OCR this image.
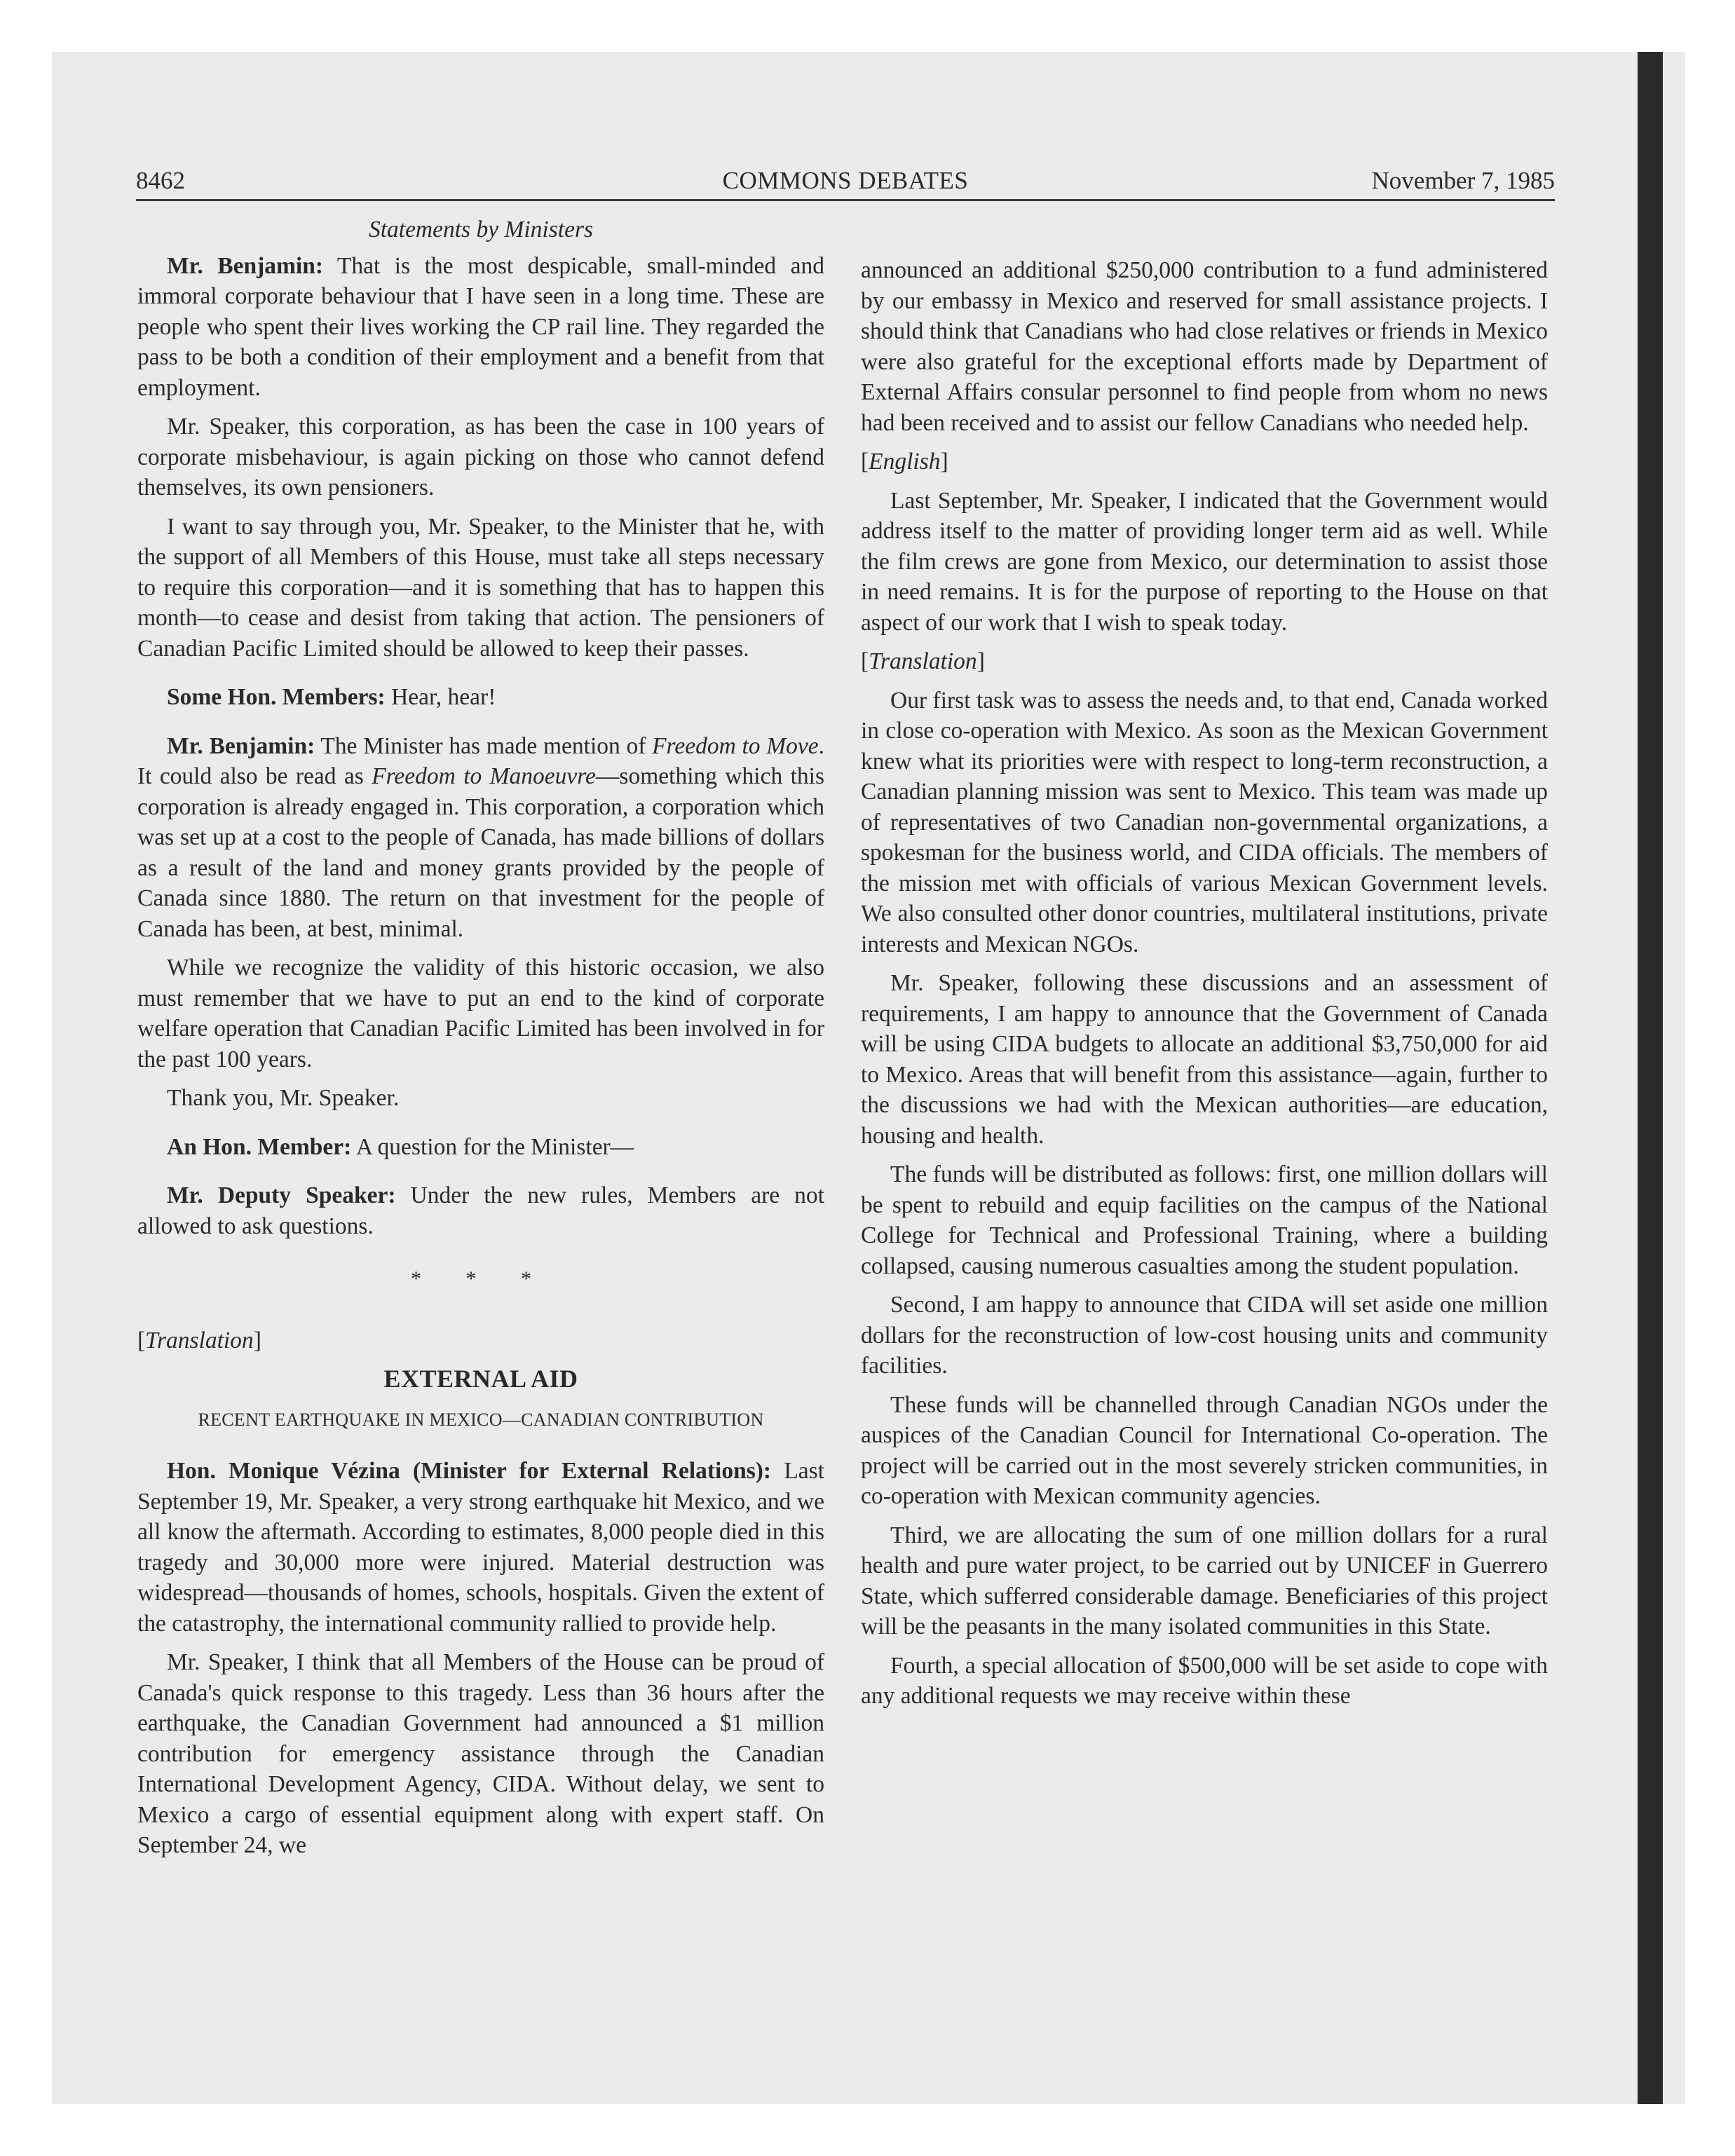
8462	COMMONS DEBATES	November 7, 1985

Statements by Ministers

Mr. Benjamin: That is the most despicable, small-minded and immoral corporate behaviour that I have seen in a long time. These are people who spent their lives working the CP rail line. They regarded the pass to be both a condition of their employment and a benefit from that employment.

Mr. Speaker, this corporation, as has been the case in 100 years of corporate misbehaviour, is again picking on those who cannot defend themselves, its own pensioners.

I want to say through you, Mr. Speaker, to the Minister that he, with the support of all Members of this House, must take all steps necessary to require this corporation—and it is something that has to happen this month—to cease and desist from taking that action. The pensioners of Canadian Pacific Limited should be allowed to keep their passes.

Some Hon. Members: Hear, hear!

Mr. Benjamin: The Minister has made mention of Freedom to Move. It could also be read as Freedom to Manoeuvre—something which this corporation is already engaged in. This corporation, a corporation which was set up at a cost to the people of Canada, has made billions of dollars as a result of the land and money grants provided by the people of Canada since 1880. The return on that investment for the people of Canada has been, at best, minimal.

While we recognize the validity of this historic occasion, we also must remember that we have to put an end to the kind of corporate welfare operation that Canadian Pacific Limited has been involved in for the past 100 years.

Thank you, Mr. Speaker.

An Hon. Member: A question for the Minister—

Mr. Deputy Speaker: Under the new rules, Members are not allowed to ask questions.

* * *

[Translation]

EXTERNAL AID
RECENT EARTHQUAKE IN MEXICO—CANADIAN CONTRIBUTION

Hon. Monique Vézina (Minister for External Relations): Last September 19, Mr. Speaker, a very strong earthquake hit Mexico, and we all know the aftermath. According to estimates, 8,000 people died in this tragedy and 30,000 more were injured. Material destruction was widespread—thousands of homes, schools, hospitals. Given the extent of the catastrophy, the international community rallied to provide help.

Mr. Speaker, I think that all Members of the House can be proud of Canada's quick response to this tragedy. Less than 36 hours after the earthquake, the Canadian Government had announced a $1 million contribution for emergency assistance through the Canadian International Development Agency, CIDA. Without delay, we sent to Mexico a cargo of essential equipment along with expert staff. On September 24, we

announced an additional $250,000 contribution to a fund administered by our embassy in Mexico and reserved for small assistance projects. I should think that Canadians who had close relatives or friends in Mexico were also grateful for the exceptional efforts made by Department of External Affairs consular personnel to find people from whom no news had been received and to assist our fellow Canadians who needed help.

[English]

Last September, Mr. Speaker, I indicated that the Government would address itself to the matter of providing longer term aid as well. While the film crews are gone from Mexico, our determination to assist those in need remains. It is for the purpose of reporting to the House on that aspect of our work that I wish to speak today.

[Translation]

Our first task was to assess the needs and, to that end, Canada worked in close co-operation with Mexico. As soon as the Mexican Government knew what its priorities were with respect to long-term reconstruction, a Canadian planning mission was sent to Mexico. This team was made up of representatives of two Canadian non-governmental organizations, a spokesman for the business world, and CIDA officials. The members of the mission met with officials of various Mexican Government levels. We also consulted other donor countries, multilateral institutions, private interests and Mexican NGOs.

Mr. Speaker, following these discussions and an assessment of requirements, I am happy to announce that the Government of Canada will be using CIDA budgets to allocate an additional $3,750,000 for aid to Mexico. Areas that will benefit from this assistance—again, further to the discussions we had with the Mexican authorities—are education, housing and health.

The funds will be distributed as follows: first, one million dollars will be spent to rebuild and equip facilities on the campus of the National College for Technical and Professional Training, where a building collapsed, causing numerous casualties among the student population.

Second, I am happy to announce that CIDA will set aside one million dollars for the reconstruction of low-cost housing units and community facilities.

These funds will be channelled through Canadian NGOs under the auspices of the Canadian Council for International Co-operation. The project will be carried out in the most severely stricken communities, in co-operation with Mexican community agencies.

Third, we are allocating the sum of one million dollars for a rural health and pure water project, to be carried out by UNICEF in Guerrero State, which sufferred considerable damage. Beneficiaries of this project will be the peasants in the many isolated communities in this State.

Fourth, a special allocation of $500,000 will be set aside to cope with any additional requests we may receive within these
